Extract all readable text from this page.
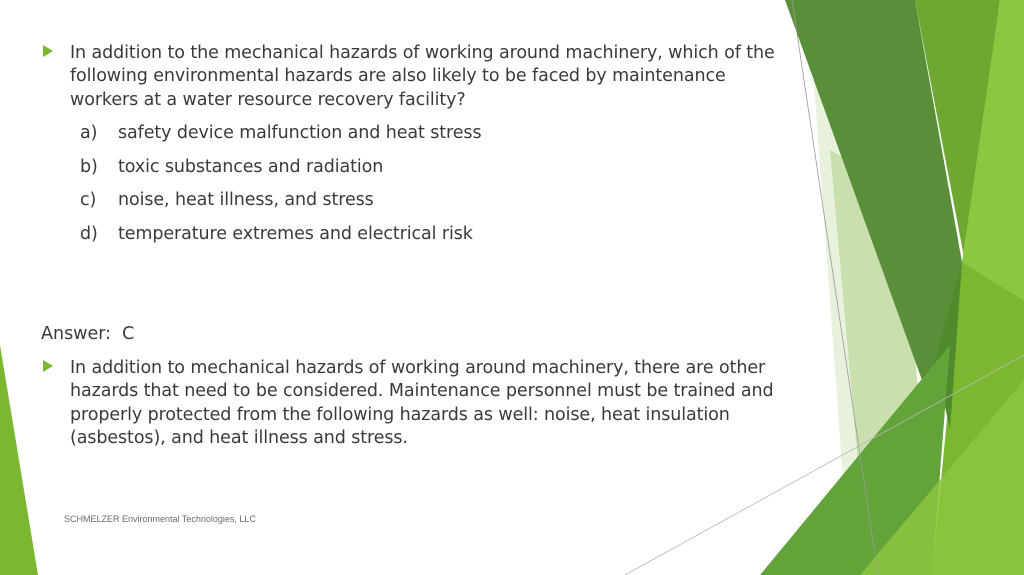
In addition to the mechanical hazards of working around machinery, which of the following environmental hazards are also likely to be faced by maintenance workers at a water resource recovery facility?
a) safety device malfunction and heat stress
b) toxic substances and radiation
c) noise, heat illness, and stress
d) temperature extremes and electrical risk
Answer:  C
In addition to mechanical hazards of working around machinery, there are other hazards that need to be considered. Maintenance personnel must be trained and properly protected from the following hazards as well: noise, heat insulation (asbestos), and heat illness and stress.
SCHMELZER Environmental Technologies, LLC
